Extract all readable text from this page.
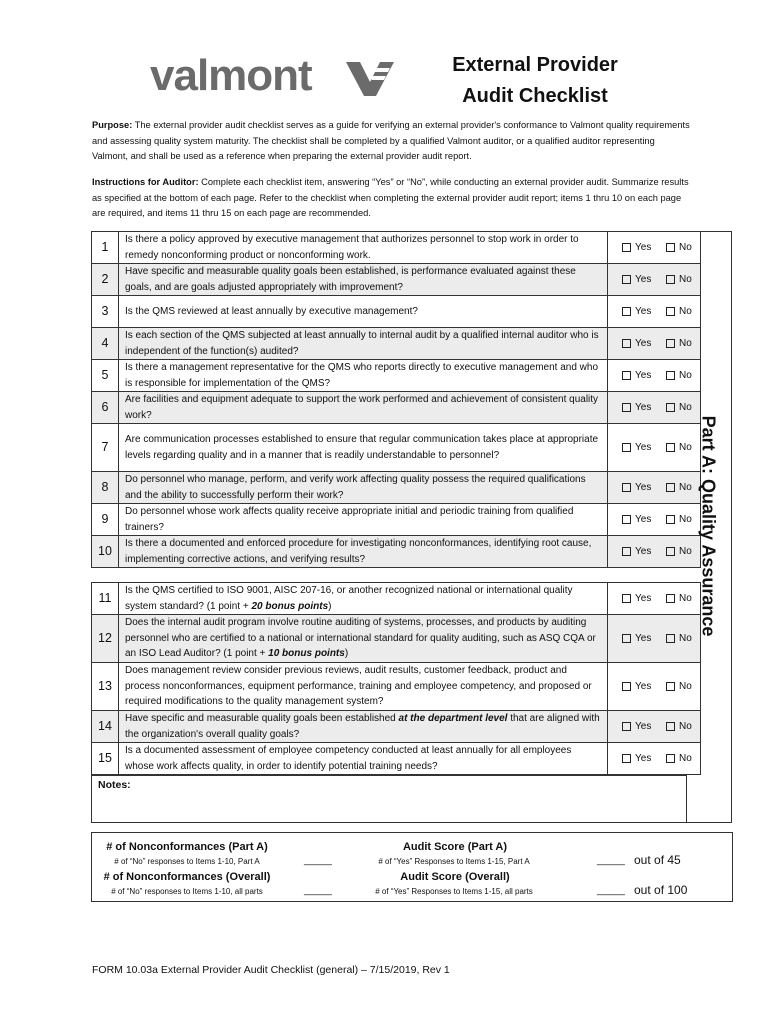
valmont	External Provider
Audit Checklist
Purpose: The external provider audit checklist serves as a guide for verifying an external provider's conformance to Valmont quality requirements and assessing quality system maturity. The checklist shall be completed by a qualified Valmont auditor, or a qualified auditor representing Valmont, and shall be used as a reference when preparing the external provider audit report.
Instructions for Auditor: Complete each checklist item, answering “Yes” or “No”, while conducting an external provider audit. Summarize results as specified at the bottom of each page. Refer to the checklist when completing the external provider audit report; items 1 thru 10 on each page are required, and items 11 thru 15 on each page are recommended.
1	Is there a policy approved by executive management that authorizes personnel to stop work in order to remedy nonconforming product or nonconforming work.	Yes No
2	Have specific and measurable quality goals been established, is performance evaluated against these goals, and are goals adjusted appropriately with improvement?	Yes No
3	Is the QMS reviewed at least annually by executive management?	Yes No
4	Is each section of the QMS subjected at least annually to internal audit by a qualified internal auditor who is independent of the function(s) audited?	Yes No
5	Is there a management representative for the QMS who reports directly to executive management and who is responsible for implementation of the QMS?	Yes No
6	Are facilities and equipment adequate to support the work performed and achievement of consistent quality work?	Yes No
7	Are communication processes established to ensure that regular communication takes place at appropriate levels regarding quality and in a manner that is readily understandable to personnel?	Yes No
8	Do personnel who manage, perform, and verify work affecting quality possess the required qualifications and the ability to successfully perform their work?	Yes No
9	Do personnel whose work affects quality receive appropriate initial and periodic training from qualified trainers?	Yes No
10	Is there a documented and enforced procedure for investigating nonconformances, identifying root cause, implementing corrective actions, and verifying results?	Yes No
11	Is the QMS certified to ISO 9001, AISC 207-16, or another recognized national or international quality system standard? (1 point + 20 bonus points)	Yes No
12	Does the internal audit program involve routine auditing of systems, processes, and products by auditing personnel who are certified to a national or international standard for quality auditing, such as ASQ CQA or an ISO Lead Auditor? (1 point + 10 bonus points)	Yes No
13	Does management review consider previous reviews, audit results, customer feedback, product and process nonconformances, equipment performance, training and employee competency, and proposed or required modifications to the quality management system?	Yes No
14	Have specific and measurable quality goals been established at the department level that are aligned with the organization's overall quality goals?	Yes No
15	Is a documented assessment of employee competency conducted at least annually for all employees whose work affects quality, in order to identify potential training needs?	Yes No
Part A: Quality Assurance
Notes:
# of Nonconformances (Part A)
# of “No” responses to Items 1-10, Part A	_____
# of Nonconformances (Overall)
# of “No” responses to Items 1-10, all parts	_____
Audit Score (Part A)
# of “Yes” Responses to Items 1-15, Part A	_____ out of 45
Audit Score (Overall)
# of “Yes” Responses to Items 1-15, all parts	_____ out of 100
FORM 10.03a External Provider Audit Checklist (general) – 7/15/2019, Rev 1
